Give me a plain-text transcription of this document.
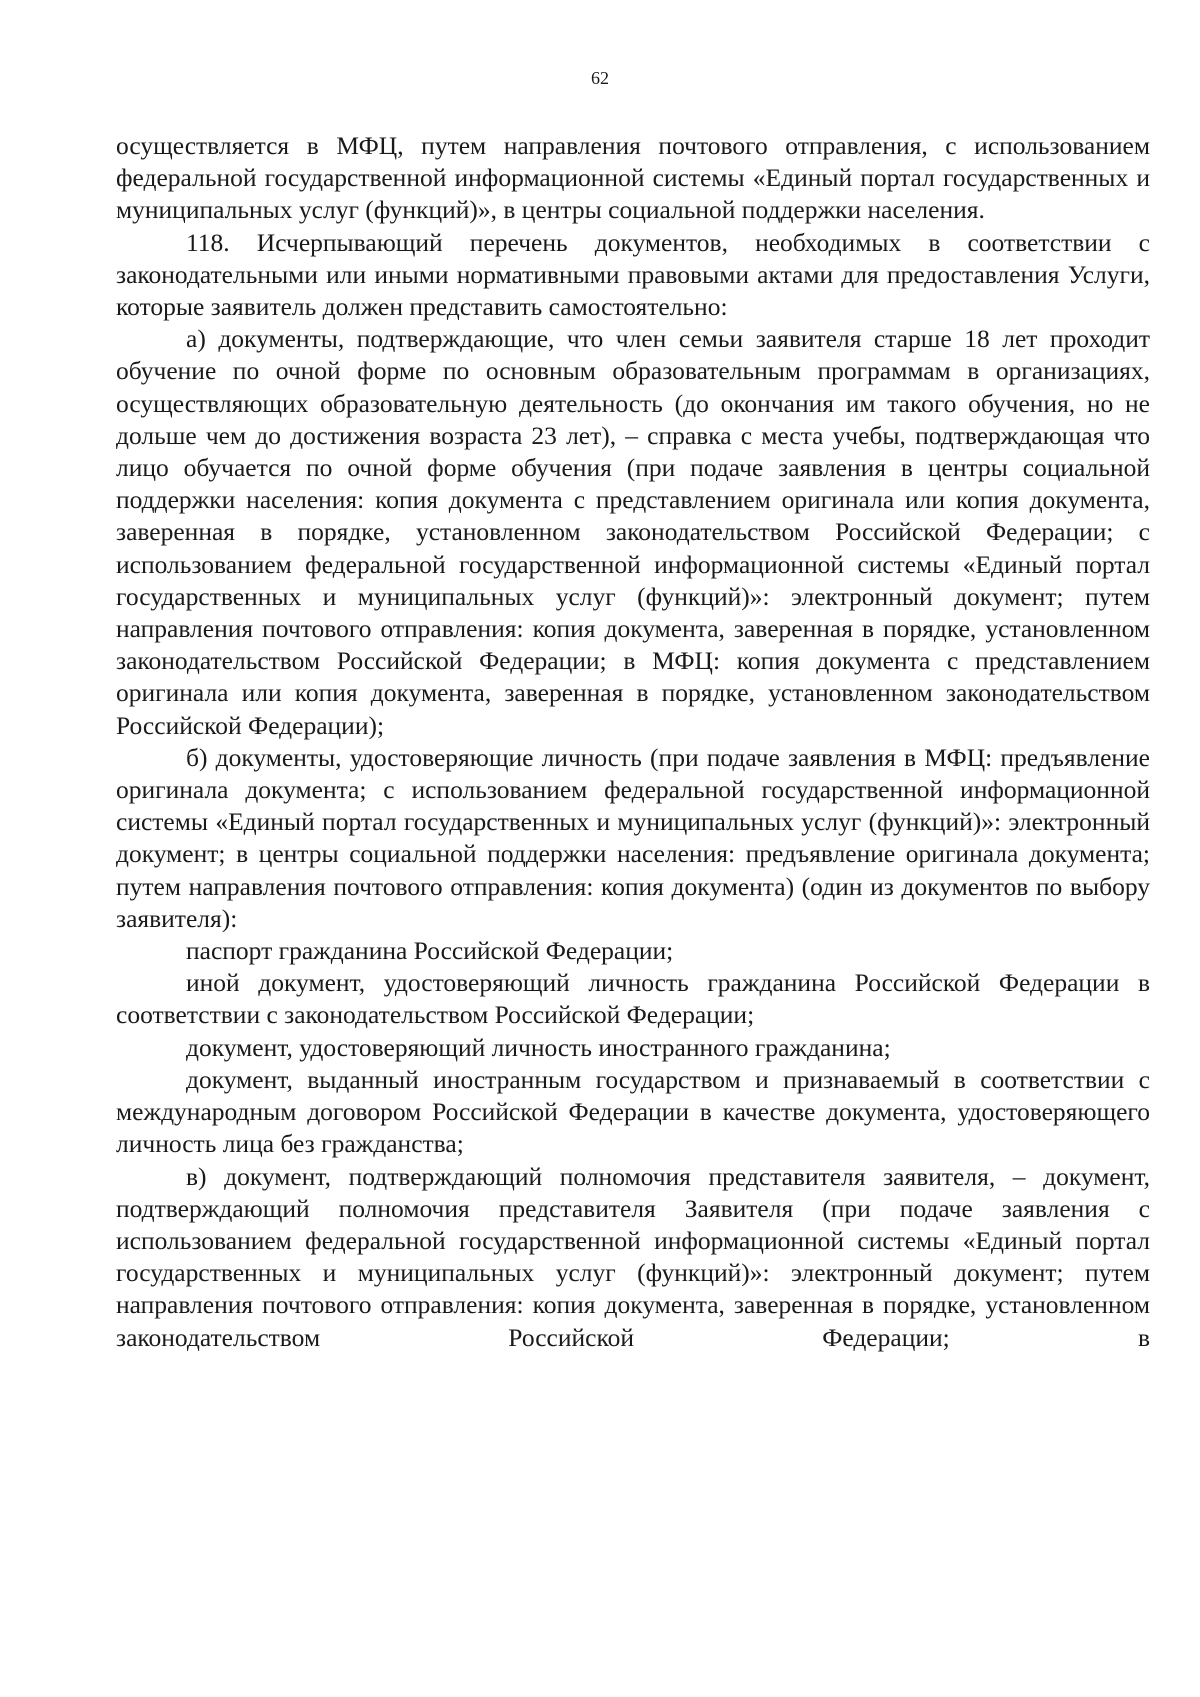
62

осуществляется в МФЦ, путем направления почтового отправления, с использованием федеральной государственной информационной системы «Единый портал государственных и муниципальных услуг (функций)», в центры социальной поддержки населения.

118. Исчерпывающий перечень документов, необходимых в соответствии с законодательными или иными нормативными правовыми актами для предоставления Услуги, которые заявитель должен представить самостоятельно:

а) документы, подтверждающие, что член семьи заявителя старше 18 лет проходит обучение по очной форме по основным образовательным программам в организациях, осуществляющих образовательную деятельность (до окончания им такого обучения, но не дольше чем до достижения возраста 23 лет), – справка с места учебы, подтверждающая что лицо обучается по очной форме обучения (при подаче заявления в центры социальной поддержки населения: копия документа с представлением оригинала или копия документа, заверенная в порядке, установленном законодательством Российской Федерации; с использованием федеральной государственной информационной системы «Единый портал государственных и муниципальных услуг (функций)»: электронный документ; путем направления почтового отправления: копия документа, заверенная в порядке, установленном законодательством Российской Федерации; в МФЦ: копия документа с представлением оригинала или копия документа, заверенная в порядке, установленном законодательством Российской Федерации);

б) документы, удостоверяющие личность (при подаче заявления в МФЦ: предъявление оригинала документа; с использованием федеральной государственной информационной системы «Единый портал государственных и муниципальных услуг (функций)»: электронный документ; в центры социальной поддержки населения: предъявление оригинала документа; путем направления почтового отправления: копия документа) (один из документов по выбору заявителя):

паспорт гражданина Российской Федерации;

иной документ, удостоверяющий личность гражданина Российской Федерации в соответствии с законодательством Российской Федерации;

документ, удостоверяющий личность иностранного гражданина;

документ, выданный иностранным государством и признаваемый в соответствии с международным договором Российской Федерации в качестве документа, удостоверяющего личность лица без гражданства;

в) документ, подтверждающий полномочия представителя заявителя, – документ, подтверждающий полномочия представителя Заявителя (при подаче заявления с использованием федеральной государственной информационной системы «Единый портал государственных и муниципальных услуг (функций)»: электронный документ; путем направления почтового отправления: копия документа, заверенная в порядке, установленном законодательством Российской Федерации; в
